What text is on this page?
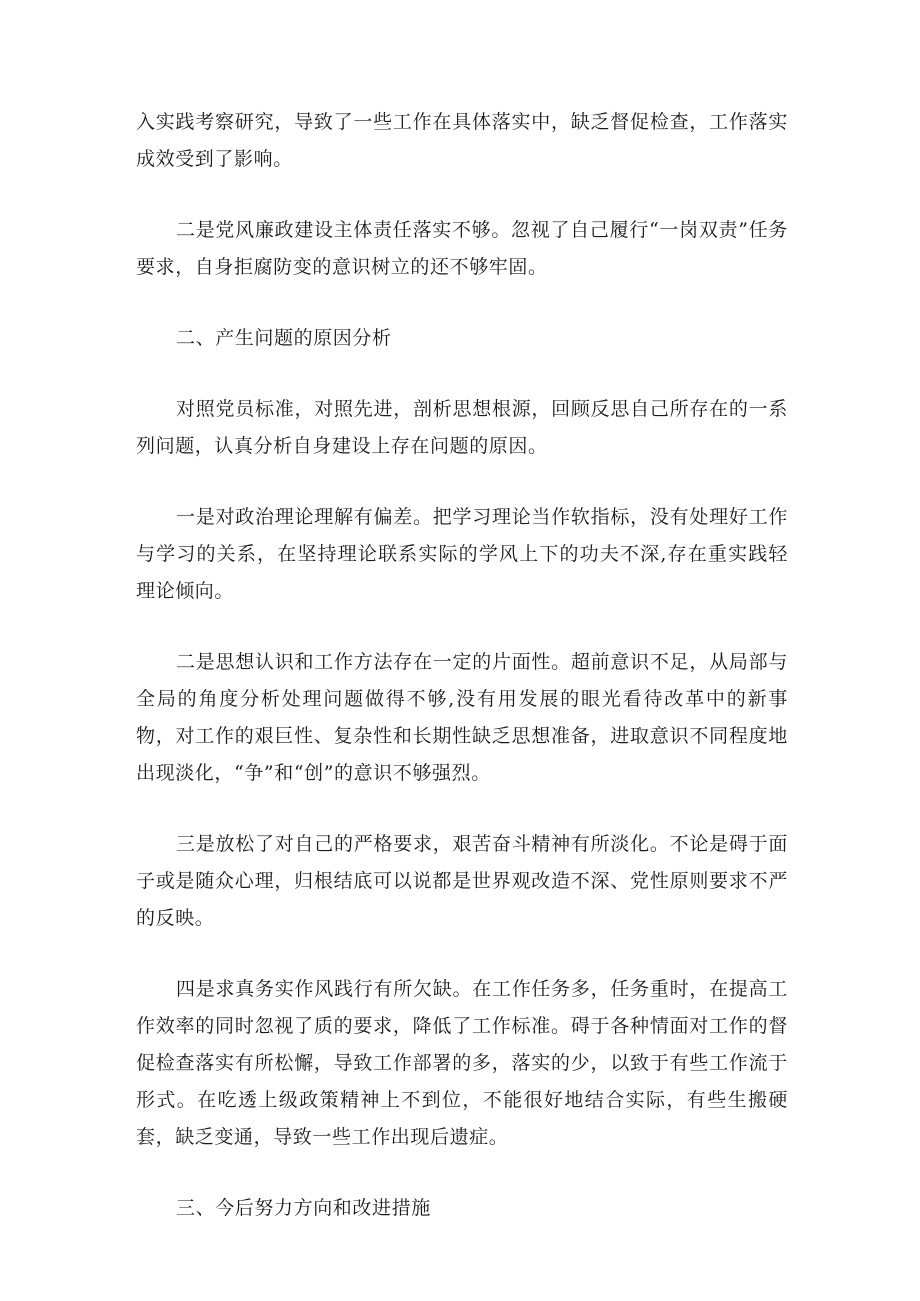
入实践考察研究，导致了一些工作在具体落实中，缺乏督促检查，工作落实成效受到了影响。

二是党风廉政建设主体责任落实不够。忽视了自己履行“一岗双责”任务要求，自身拒腐防变的意识树立的还不够牢固。

二、产生问题的原因分析

对照党员标准，对照先进，剖析思想根源，回顾反思自己所存在的一系列问题，认真分析自身建设上存在问题的原因。

一是对政治理论理解有偏差。把学习理论当作软指标，没有处理好工作与学习的关系，在坚持理论联系实际的学风上下的功夫不深,存在重实践轻理论倾向。

二是思想认识和工作方法存在一定的片面性。超前意识不足，从局部与全局的角度分析处理问题做得不够,没有用发展的眼光看待改革中的新事物，对工作的艰巨性、复杂性和长期性缺乏思想准备，进取意识不同程度地出现淡化，“争”和“创”的意识不够强烈。

三是放松了对自己的严格要求，艰苦奋斗精神有所淡化。不论是碍于面子或是随众心理，归根结底可以说都是世界观改造不深、党性原则要求不严的反映。

四是求真务实作风践行有所欠缺。在工作任务多，任务重时，在提高工作效率的同时忽视了质的要求，降低了工作标准。碍于各种情面对工作的督促检查落实有所松懈，导致工作部署的多，落实的少，以致于有些工作流于形式。在吃透上级政策精神上不到位，不能很好地结合实际，有些生搬硬套，缺乏变通，导致一些工作出现后遗症。

三、今后努力方向和改进措施
